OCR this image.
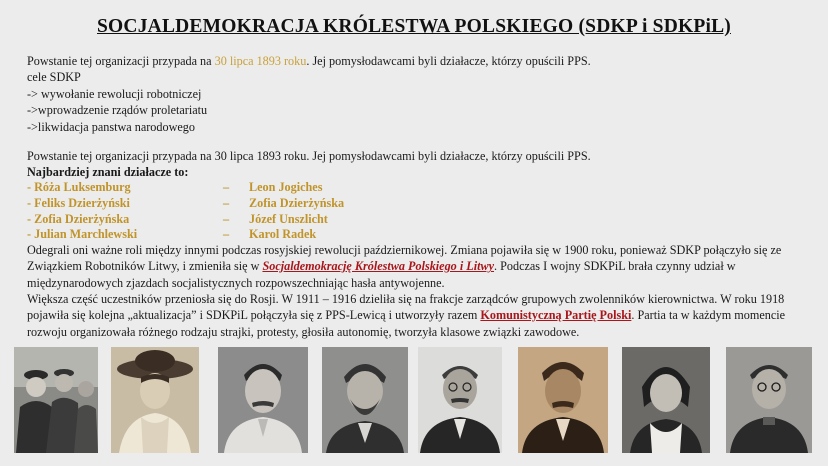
SOCJALDEMOKRACJA KRÓLESTWA POLSKIEGO (SDKP i SDKPiL)
Powstanie tej organizacji przypada na 30 lipca 1893 roku. Jej pomysłodawcami byli działacze, którzy opuścili PPS.
cele SDKP
-> wywołanie rewolucji robotniczej
->wprowadzenie rządów proletariatu
->likwidacja panstwa narodowego
Powstanie tej organizacji przypada na 30 lipca 1893 roku. Jej pomysłodawcami byli działacze, którzy opuścili PPS.
Najbardziej znani działacze to:
- Róża Luksemburg
- Feliks Dzierżyński
- Zofia Dzierżyńska
- Julian Marchlewski
– Leon Jogiches
– Zofia Dzierżyńska
– Józef Unszlicht
– Karol Radek
Odegrali oni ważne roli między innymi podczas rosyjskiej rewolucji październikowej. Zmiana pojawiła się w 1900 roku, ponieważ SDKP połączyło się ze Związkiem Robotników Litwy, i zmieniła się w Socjaldemokrację Królestwa Polskiego i Litwy. Podczas I wojny SDKPiL brała czynny udział w międzynarodowych zjazdach socjalistycznych rozpowszechniając hasła antywojenne.
Większa część uczestników przeniosła się do Rosji. W 1911 – 1916 dzieliła się na frakcje zarządców grupowych zwolenników kierownictwa. W roku 1918 pojawiła się kolejna „aktualizacja” i SDKPiL połączyła się z PPS-Lewicą i utworzyły razem Komunistyczną Partię Polski. Partia ta w każdym momencie rozwoju organizowała różnego rodzaju strajki, protesty, głosiła autonomię, tworzyła klasowe związki zawodowe.
